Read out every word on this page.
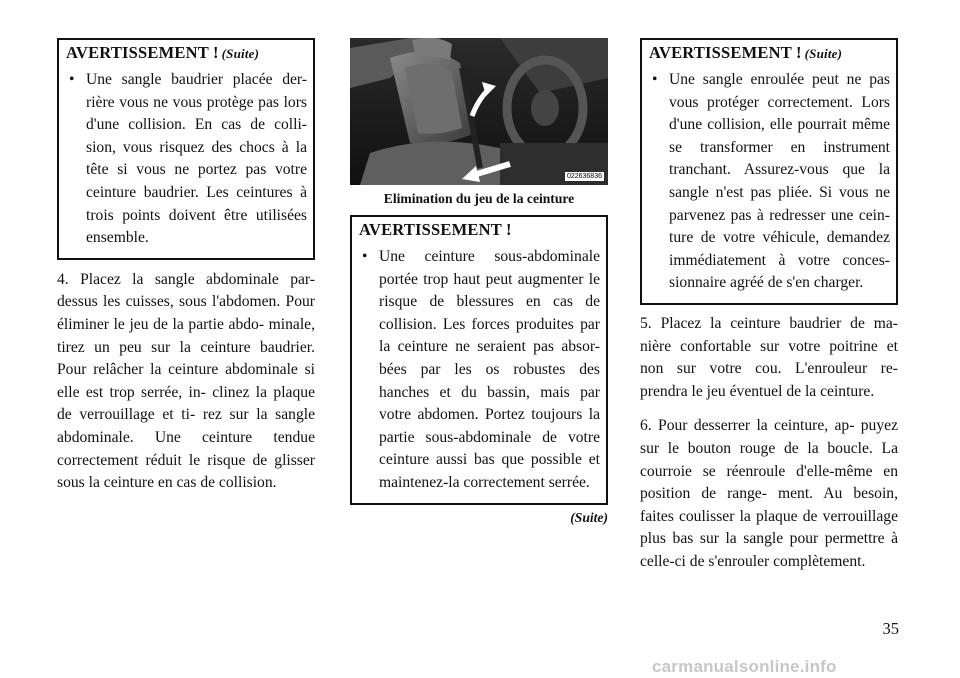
AVERTISSEMENT ! (Suite)
• Une sangle baudrier placée der- rière vous ne vous protège pas lors d'une collision. En cas de colli- sion, vous risquez des chocs à la tête si vous ne portez pas votre ceinture baudrier. Les ceintures à trois points doivent être utilisées ensemble.

4. Placez la sangle abdominale par- dessus les cuisses, sous l'abdomen. Pour éliminer le jeu de la partie abdo- minale, tirez un peu sur la ceinture baudrier. Pour relâcher la ceinture abdominale si elle est trop serrée, in- clinez la plaque de verrouillage et ti- rez sur la sangle abdominale. Une ceinture tendue correctement réduit le risque de glisser sous la ceinture en cas de collision.

022636836
Elimination du jeu de la ceinture
AVERTISSEMENT !
• Une ceinture sous-abdominale portée trop haut peut augmenter le risque de blessures en cas de collision. Les forces produites par la ceinture ne seraient pas absor- bées par les os robustes des hanches et du bassin, mais par votre abdomen. Portez toujours la partie sous-abdominale de votre ceinture aussi bas que possible et maintenez-la correctement serrée.
(Suite)
AVERTISSEMENT ! (Suite)
• Une sangle enroulée peut ne pas vous protéger correctement. Lors d'une collision, elle pourrait même se transformer en instrument tranchant. Assurez-vous que la sangle n'est pas pliée. Si vous ne parvenez pas à redresser une cein- ture de votre véhicule, demandez immédiatement à votre conces- sionnaire agréé de s'en charger.

5. Placez la ceinture baudrier de ma- nière confortable sur votre poitrine et non sur votre cou. L'enrouleur re- prendra le jeu éventuel de la ceinture.

6. Pour desserrer la ceinture, ap- puyez sur le bouton rouge de la boucle. La courroie se réenroule d'elle-même en position de range- ment. Au besoin, faites coulisser la plaque de verrouillage plus bas sur la sangle pour permettre à celle-ci de s'enrouler complètement.

35
carmanualsonline.info
